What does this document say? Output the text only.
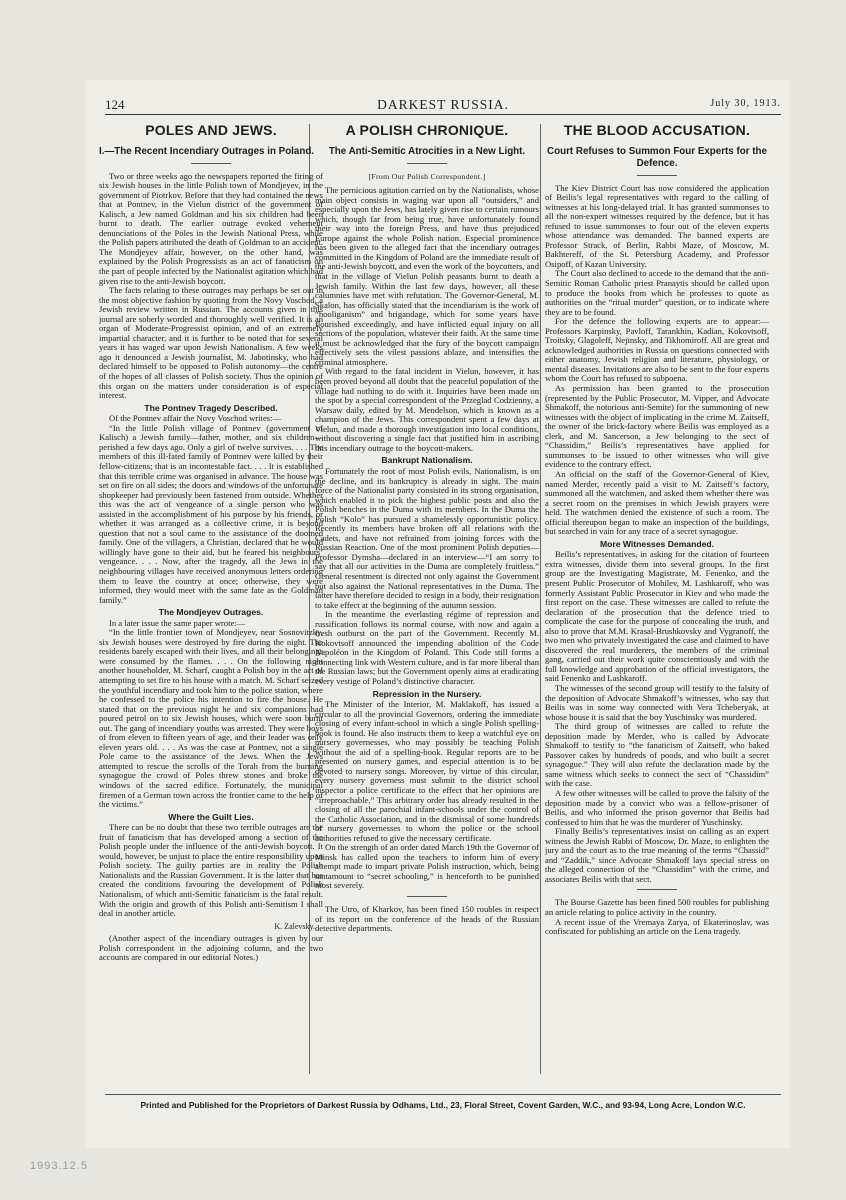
124	DARKEST RUSSIA.	July 30, 1913.
POLES AND JEWS.
I.—The Recent Incendiary Outrages in Poland.

Two or three weeks ago the newspapers reported the firing of six Jewish houses in the little Polish town of Mondjeyev, in the government of Piotrkov. Before that they had contained the news that at Pontnev, in the Vielun district of the government of Kalisch, a Jew named Goldman and his six children had been burnt to death. The earlier outrage evoked vehement denunciations of the Poles in the Jewish National Press, while the Polish papers attributed the death of Goldman to an accident. The Mondjeyev affair, however, on the other hand, was explained by the Polish Progressists as an act of fanaticism on the part of people infected by the Nationalist agitation which had given rise to the anti-Jewish boycott.

The facts relating to these outrages may perhaps be set out in the most objective fashion by quoting from the Novy Voschod, a Jewish review written in Russian. The accounts given in this journal are soberly worded and thoroughly well verified. It is an organ of Moderate-Progressist opinion, and of an extremely impartial character, and it is further to be noted that for several years it has waged war upon Jewish Nationalism. A few weeks ago it denounced a Jewish journalist, M. Jabotinsky, who had declared himself to be opposed to Polish autonomy—the centre of the hopes of all classes of Polish society. Thus the opinion of this organ on the matters under consideration is of especial interest.

The Pontnev Tragedy Described.

Of the Pontnev affair the Novy Voschod writes:—

“In the little Polish village of Pontnev (government of Kalisch) a Jewish family—father, mother, and six children—perished a few days ago. Only a girl of twelve survives. . . . The members of this ill-fated family of Pontnev were killed by their fellow-citizens; that is an incontestable fact. . . . It is established that this terrible crime was organised in advance. The house was set on fire on all sides; the doors and windows of the unfortunate shopkeeper had previously been fastened from outside. Whether this was the act of vengeance of a single person who was assisted in the accomplishment of his purpose by his friends, or whether it was arranged as a collective crime, it is beyond question that not a soul came to the assistance of the doomed family. One of the villagers, a Christian, declared that he would willingly have gone to their aid, but he feared his neighbours’ vengeance. . . . Now, after the tragedy, all the Jews in the neighbouring villages have received anonymous letters ordering them to leave the country at once; otherwise, they were informed, they would meet with the same fate as the Goldman family.”

The Mondjeyev Outrages.

In a later issue the same paper wrote:—

“In the little frontier town of Mondjeyev, near Sosnovitzky, six Jewish houses were destroyed by fire during the night. The residents barely escaped with their lives, and all their belongings were consumed by the flames. . . . On the following night another householder, M. Scharf, caught a Polish boy in the act of attempting to set fire to his house with a match. M. Scharf seized the youthful incendiary and took him to the police station, where he confessed to the police his intention to fire the house. He stated that on the previous night he and six companions had poured petrol on to six Jewish houses, which were soon burnt out. The gang of incendiary youths was arrested. They were boys of from eleven to fifteen years of age, and their leader was only eleven years old. . . . As was the case at Pontnev, not a single Pole came to the assistance of the Jews. When the Jews attempted to rescue the scrolls of the Torah from the burning synagogue the crowd of Poles threw stones and broke the windows of the sacred edifice. Fortunately, the municipal firemen of a German town across the frontier came to the help of the victims.”

Where the Guilt Lies.

There can be no doubt that these two terrible outrages are the fruit of fanaticism that has developed among a section of the Polish people under the influence of the anti-Jewish boycott. It would, however, be unjust to place the entire responsibility upon Polish society. The guilty parties are in reality the Polish Nationalists and the Russian Government. It is the latter that has created the conditions favouring the development of Polish Nationalism, of which anti-Semitic fanaticism is the fatal result. With the origin and growth of this Polish anti-Semitism I shall deal in another article.

K. Zalevsky.

(Another aspect of the incendiary outrages is given by our Polish correspondent in the adjoining column, and the two accounts are compared in our editorial Notes.)

A POLISH CHRONIQUE.
The Anti-Semitic Atrocities in a New Light.
[From Our Polish Correspondent.]

The pernicious agitation carried on by the Nationalists, whose main object consists in waging war upon all “outsiders,” and especially upon the Jews, has lately given rise to certain rumours which, though far from being true, have unfortunately found their way into the foreign Press, and have thus prejudiced Europe against the whole Polish nation. Especial prominence has been given to the alleged fact that the incendiary outrages committed in the Kingdom of Poland are the immediate result of the anti-Jewish boycott, and even the work of the boycotters, and that in the village of Vielun Polish peasants burnt to death a Jewish family. Within the last few days, however, all these calumnies have met with refutation. The Governor-General, M. Skalon, has officially stated that the incendiarism is the work of “hooliganism” and brigandage, which for some years have flourished exceedingly, and have inflicted equal injury on all sections of the population, whatever their faith. At the same time it must be acknowledged that the fury of the boycott campaign effectively sets the vilest passions ablaze, and intensifies the criminal atmosphere.

With regard to the fatal incident in Vielun, however, it has been proved beyond all doubt that the peaceful population of the village had nothing to do with it. Inquiries have been made on the spot by a special correspondent of the Przeglad Codzienny, a Warsaw daily, edited by M. Mendelson, which is known as a champion of the Jews. This correspondent spent a few days at Vielun, and made a thorough investigation into local conditions, without discovering a single fact that justified him in ascribing this incendiary outrage to the boycott-makers.

Bankrupt Nationalism.

Fortunately the root of most Polish evils, Nationalism, is on the decline, and its bankruptcy is already in sight. The main force of the Nationalist party consisted in its strong organisation, which enabled it to pick the highest public posts and also the Polish benches in the Duma with its members. In the Duma the Polish “Kolo” has pursued a shamelessly opportunistic policy. Recently its members have broken off all relations with the Cadets, and have not refrained from joining forces with the Russian Reaction. One of the most prominent Polish deputies—Professor Dymsha—declared in an interview—“I am sorry to say that all our activities in the Duma are completely fruitless.” General resentment is directed not only against the Government but also against the National representatives in the Duma. The latter have therefore decided to resign in a body, their resignation to take effect at the beginning of the autumn session.

In the meantime the everlasting régime of repression and russification follows its normal course, with now and again a fresh outburst on the part of the Government. Recently M. Kokovtsoff announced the impending abolition of the Code Napoléon in the Kingdom of Poland. This Code still forms a connecting link with Western culture, and is far more liberal than the Russian laws; but the Government openly aims at eradicating every vestige of Poland’s distinctive character.

Repression in the Nursery.

The Minister of the Interior, M. Maklakoff, has issued a circular to all the provincial Governors, ordering the immediate closing of every infant-school in which a single Polish spelling-book is found. He also instructs them to keep a watchful eye on nursery governesses, who may possibly be teaching Polish without the aid of a spelling-book. Regular reports are to be presented on nursery games, and especial attention is to be devoted to nursery songs. Moreover, by virtue of this circular, every nursery governess must submit to the district school inspector a police certificate to the effect that her opinions are “irreproachable.” This arbitrary order has already resulted in the closing of all the parochial infant-schools under the control of the Catholic Association, and in the dismissal of some hundreds of nursery governesses to whom the police or the school authorities refused to give the necessary certificate.

On the strength of an order dated March 19th the Governor of Minsk has called upon the teachers to inform him of every attempt made to impart private Polish instruction, which, being tantamount to “secret schooling,” is henceforth to be punished most severely.

The Utro, of Kharkov, has been fined 150 roubles in respect of its report on the conference of the heads of the Russian detective departments.

THE BLOOD ACCUSATION.
Court Refuses to Summon Four Experts for the Defence.

The Kiev District Court has now considered the application of Beilis’s legal representatives with regard to the calling of witnesses at his long-delayed trial. It has granted summonses to all the non-expert witnesses required by the defence, but it has refused to issue summonses to four out of the eleven experts whose attendance was demanded. The banned experts are Professor Strack, of Berlin, Rabbi Maze, of Moscow, M. Bakhtereff, of the St. Petersburg Academy, and Professor Osipoff, of Kazan University.

The Court also declined to accede to the demand that the anti-Semitic Roman Catholic priest Pranaytis should be called upon to produce the books from which he professes to quote as authorities on the “ritual murder” question, or to indicate where they are to be found.

For the defence the following experts are to appear:—Professors Karpinsky, Pavloff, Tarankhin, Kadian, Kokovtsoff, Troitsky, Glagoleff, Nejinsky, and Tikhomiroff. All are great and acknowledged authorities in Russia on questions connected with either anatomy, Jewish religion and literature, physiology, or mental diseases. Invitations are also to be sent to the four experts whom the Court has refused to subpoena.

As permission has been granted to the prosecution (represented by the Public Prosecutor, M. Vipper, and Advocate Shmakoff, the notorious anti-Semite) for the summoning of new witnesses with the object of implicating in the crime M. Zaitseff, the owner of the brick-factory where Beilis was employed as a clerk, and M. Sancerson, a Jew belonging to the sect of “Chassidim,” Beilis’s representatives have applied for summonses to be issued to other witnesses who will give evidence to the contrary effect.

An official on the staff of the Governor-General of Kiev, named Merder, recently paid a visit to M. Zaitseff’s factory, summoned all the watchmen, and asked them whether there was a secret room on the premises in which Jewish prayers were held. The watchmen denied the existence of such a room. The official thereupon began to make an inspection of the buildings, but searched in vain for any trace of a secret synagogue.

More Witnesses Demanded.

Beilis’s representatives, in asking for the citation of fourteen extra witnesses, divide them into several groups. In the first group are the Investigating Magistrate, M. Fenenko, and the present Public Prosecutor of Mohilev, M. Lashkaroff, who was formerly Assistant Public Prosecutor in Kiev and who made the first report on the case. These witnesses are called to refute the declaration of the prosecution that the defence tried to complicate the case for the purpose of concealing the truth, and also to prove that M.M. Krasal-Brushkovsky and Vygranoff, the two men who privately investigated the case and claimed to have discovered the real murderers, the members of the criminal gang, carried out their work quite conscientiously and with the full knowledge and approbation of the official investigators, the said Fenenko and Lashkaroff.

The witnesses of the second group will testify to the falsity of the deposition of Advocate Shmakoff’s witnesses, who say that Beilis was in some way connected with Vera Tcheberyak, at whose house it is said that the boy Yuschinsky was murdered.

The third group of witnesses are called to refute the deposition made by Merder, who is called by Advocate Shmakoff to testify to “the fanaticism of Zaitseff, who baked Passover cakes by hundreds of poods, and who built a secret synagogue.” They will also refute the declaration made by the same witness which seeks to connect the sect of “Chassidim” with the case.

A few other witnesses will be called to prove the falsity of the deposition made by a convict who was a fellow-prisoner of Beilis, and who informed the prison governor that Beilis had confessed to him that he was the murderer of Yuschinsky.

Finally Beilis’s representatives insist on calling as an expert witness the Jewish Rabbi of Moscow, Dr. Maze, to enlighten the jury and the court as to the true meaning of the terms “Chassid” and “Zaddik,” since Advocate Shmakoff lays special stress on the alleged connection of the “Chassidim” with the crime, and associates Beilis with that sect.

The Bourse Gazette has been fined 500 roubles for publishing an article relating to police activity in the country.

A recent issue of the Vremaya Zarya, of Ekaterinoslav, was confiscated for publishing an article on the Lena tragedy.

Printed and Published for the Proprietors of Darkest Russia by Odhams, Ltd., 23, Floral Street, Covent Garden, W.C., and 93-94, Long Acre, London W.C.
1993.12.5
